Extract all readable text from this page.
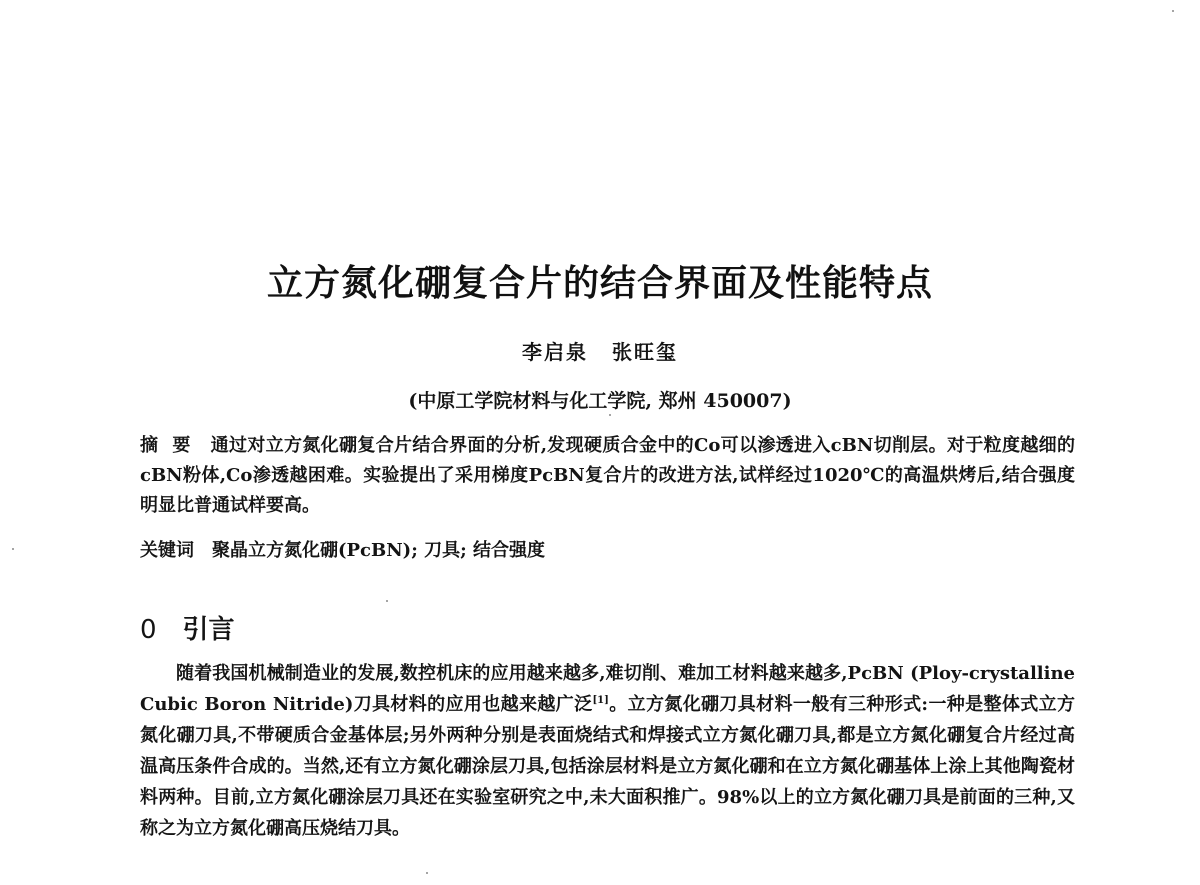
立方氮化硼复合片的结合界面及性能特点
李启泉 张旺玺
(中原工学院材料与化工学院, 郑州 450007)
摘要 通过对立方氮化硼复合片结合界面的分析,发现硬质合金中的Co可以渗透进入cBN切削层。对于粒度越细的cBN粉体,Co渗透越困难。实验提出了采用梯度PcBN复合片的改进方法,试样经过1020℃的高温烘烤后,结合强度明显比普通试样要高。
关键词 聚晶立方氮化硼(PcBN); 刀具; 结合强度
0 引言

随着我国机械制造业的发展,数控机床的应用越来越多,难切削、难加工材料越来越多,PcBN (Ploy-crystalline Cubic Boron Nitride)刀具材料的应用也越来越广泛[1]。立方氮化硼刀具材料一般有三种形式:一种是整体式立方氮化硼刀具,不带硬质合金基体层;另外两种分别是表面烧结式和焊接式立方氮化硼刀具,都是立方氮化硼复合片经过高温高压条件合成的。当然,还有立方氮化硼涂层刀具,包括涂层材料是立方氮化硼和在立方氮化硼基体上涂上其他陶瓷材料两种。目前,立方氮化硼涂层刀具还在实验室研究之中,未大面积推广。98%以上的立方氮化硼刀具是前面的三种,又称之为立方氮化硼高压烧结刀具。
